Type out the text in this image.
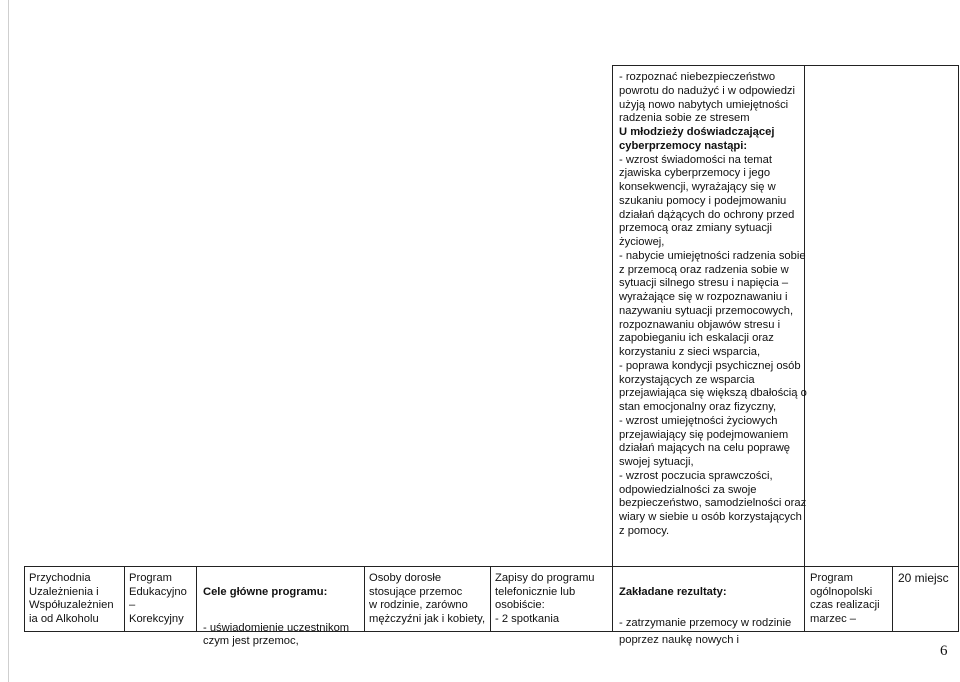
- rozpoznać niebezpieczeństwo
powrotu do nadużyć i w odpowiedzi
użyją nowo nabytych umiejętności
radzenia sobie ze stresem
U młodzieży doświadczającej
cyberprzemocy nastąpi:
- wzrost świadomości na temat
zjawiska cyberprzemocy i jego
konsekwencji, wyrażający się w
szukaniu pomocy i podejmowaniu
działań dążących do ochrony przed
przemocą oraz zmiany sytuacji
życiowej,
- nabycie umiejętności radzenia sobie
z przemocą oraz radzenia sobie w
sytuacji silnego stresu i napięcia –
wyrażające się w rozpoznawaniu i
nazywaniu sytuacji przemocowych,
rozpoznawaniu objawów stresu i
zapobieganiu ich eskalacji oraz
korzystaniu z sieci wsparcia,
- poprawa kondycji psychicznej osób
korzystających ze wsparcia
przejawiająca się większą dbałością o
stan emocjonalny oraz fizyczny,
- wzrost umiejętności życiowych
przejawiający się podejmowaniem
działań mających na celu poprawę
swojej sytuacji,
- wzrost poczucia sprawczości,
odpowiedzialności za swoje
bezpieczeństwo, samodzielności oraz
wiary w siebie u osób korzystających
z pomocy.
Przychodnia
Uzależnienia i
Współuzależnien
ia od Alkoholu
Program
Edukacyjno
–
Korekcyjny

Cele główne programu:

- uświadomienie uczestnikom
czym jest przemoc,

Osoby dorosłe
stosujące przemoc
w rodzinie, zarówno
mężczyźni jak i kobiety,
Zapisy do programu
telefonicznie lub
osobiście:
- 2 spotkania

Zakładane rezultaty:

- zatrzymanie przemocy w rodzinie
poprzez naukę nowych i

Program
ogólnopolski
czas realizacji
marzec –
20 miejsc
6
